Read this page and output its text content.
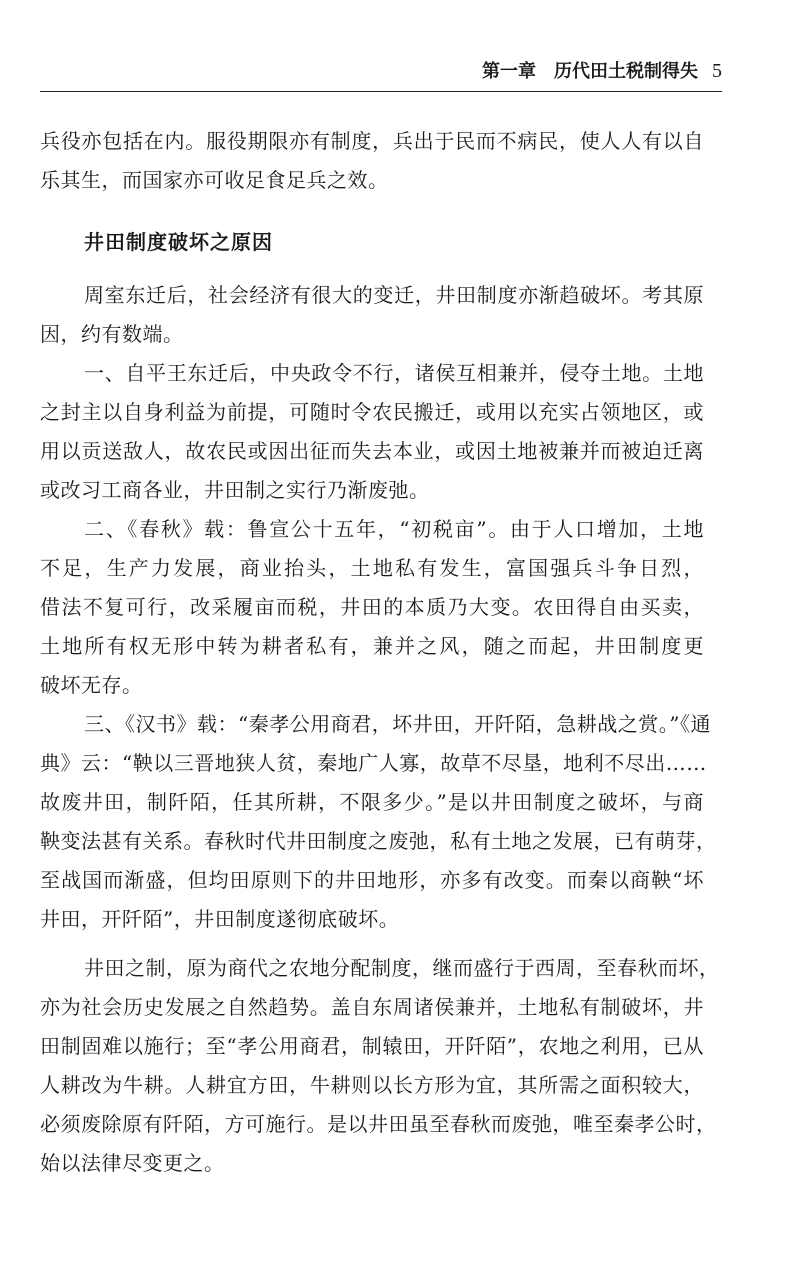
第一章 历代田土税制得失 5
兵役亦包括在内。服役期限亦有制度，兵出于民而不病民，使人人有以自
乐其生，而国家亦可收足食足兵之效。
井田制度破坏之原因
周室东迁后，社会经济有很大的变迁，井田制度亦渐趋破坏。考其原
因，约有数端。
一、自平王东迁后，中央政令不行，诸侯互相兼并，侵夺土地。土地
之封主以自身利益为前提，可随时令农民搬迁，或用以充实占领地区，或
用以贡送敌人，故农民或因出征而失去本业，或因土地被兼并而被迫迁离
或改习工商各业，井田制之实行乃渐废弛。
二、《春秋》载：鲁宣公十五年，“初税亩”。由于人口增加，土地
不足，生产力发展，商业抬头，土地私有发生，富国强兵斗争日烈，
借法不复可行，改采履亩而税，井田的本质乃大变。农田得自由买卖，
土地所有权无形中转为耕者私有，兼并之风，随之而起，井田制度更
破坏无存。
三、《汉书》载：“秦孝公用商君，坏井田，开阡陌，急耕战之赏。”《通
典》云：“鞅以三晋地狭人贫，秦地广人寡，故草不尽垦，地利不尽出……
故废井田，制阡陌，任其所耕，不限多少。”是以井田制度之破坏，与商
鞅变法甚有关系。春秋时代井田制度之废弛，私有土地之发展，已有萌芽，
至战国而渐盛，但均田原则下的井田地形，亦多有改变。而秦以商鞅“坏
井田，开阡陌”，井田制度遂彻底破坏。
井田之制，原为商代之农地分配制度，继而盛行于西周，至春秋而坏，
亦为社会历史发展之自然趋势。盖自东周诸侯兼并，土地私有制破坏，井
田制固难以施行；至“孝公用商君，制辕田，开阡陌”，农地之利用，已从
人耕改为牛耕。人耕宜方田，牛耕则以长方形为宜，其所需之面积较大，
必须废除原有阡陌，方可施行。是以井田虽至春秋而废弛，唯至秦孝公时，
始以法律尽变更之。
